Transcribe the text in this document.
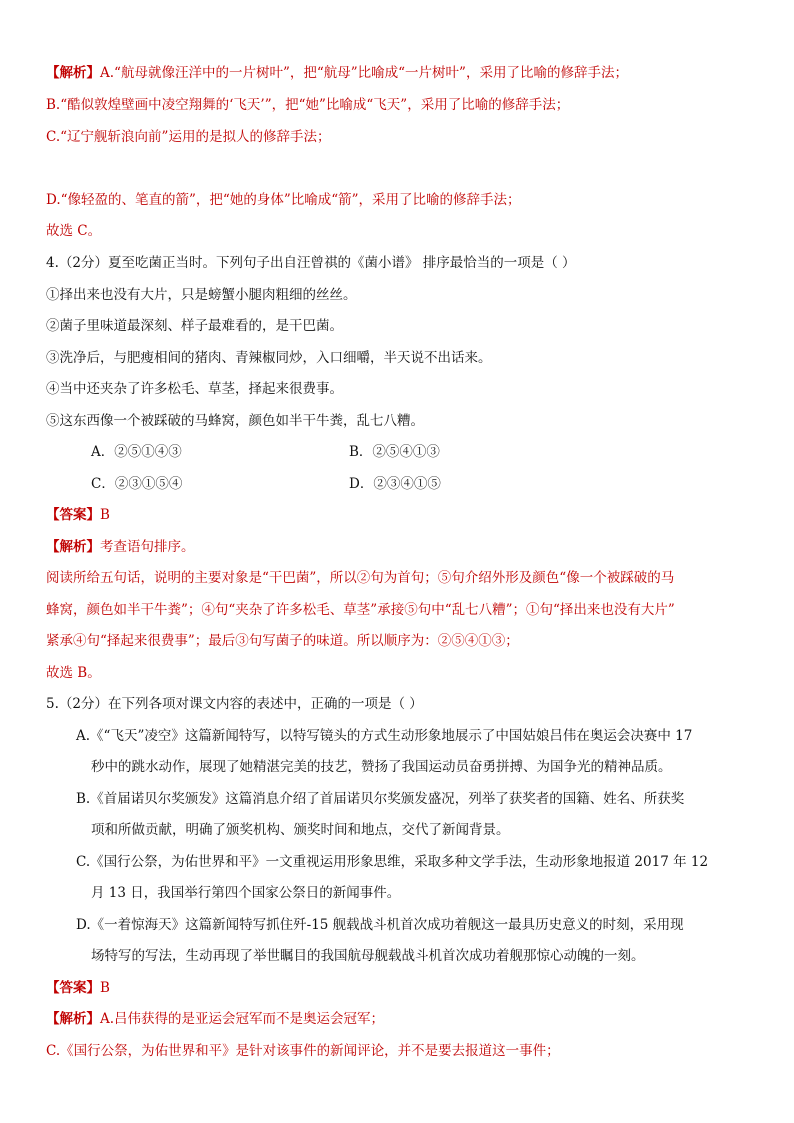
【解析】A.“航母就像汪洋中的一片树叶”，把“航母”比喻成“一片树叶”，采用了比喻的修辞手法；
B.“酷似敦煌壁画中凌空翔舞的‘飞天’”，把“她”比喻成“飞天”，采用了比喻的修辞手法；
C.“辽宁舰斩浪向前”运用的是拟人的修辞手法；
D.“像轻盈的、笔直的箭”，把“她的身体”比喻成“箭”，采用了比喻的修辞手法；
故选 C。
4.（2分）夏至吃菌正当时。下列句子出自汪曾祺的《菌小谱》 排序最恰当的一项是（ ）
①择出来也没有大片，只是螃蟹小腿肉粗细的丝丝。
②菌子里味道最深刻、样子最难看的，是干巴菌。
③洗净后，与肥瘦相间的猪肉、青辣椒同炒，入口细嚼，半天说不出话来。
④当中还夹杂了许多松毛、草茎，择起来很费事。
⑤这东西像一个被踩破的马蜂窝，颜色如半干牛粪，乱七八糟。
A．②⑤①④③	B．②⑤④①③
C．②③①⑤④	D．②③④①⑤
【答案】B
【解析】考查语句排序。
阅读所给五句话，说明的主要对象是“干巴菌”，所以②句为首句；⑤句介绍外形及颜色“像一个被踩破的马
蜂窝，颜色如半干牛粪”；④句“夹杂了许多松毛、草茎”承接⑤句中“乱七八糟”；①句“择出来也没有大片”
紧承④句“择起来很费事”；最后③句写菌子的味道。所以顺序为：②⑤④①③；
故选 B。
5.（2分）在下列各项对课文内容的表述中，正确的一项是（ ）
A.《“飞天”凌空》这篇新闻特写，以特写镜头的方式生动形象地展示了中国姑娘吕伟在奥运会决赛中 17
秒中的跳水动作，展现了她精湛完美的技艺，赞扬了我国运动员奋勇拼搏、为国争光的精神品质。
B.《首届诺贝尔奖颁发》这篇消息介绍了首届诺贝尔奖颁发盛况，列举了获奖者的国籍、姓名、所获奖
项和所做贡献，明确了颁奖机构、颁奖时间和地点，交代了新闻背景。
C.《国行公祭，为佑世界和平》一文重视运用形象思维，采取多种文学手法，生动形象地报道 2017 年 12
月 13 日，我国举行第四个国家公祭日的新闻事件。
D.《一着惊海天》这篇新闻特写抓住歼-15 舰载战斗机首次成功着舰这一最具历史意义的时刻，采用现
场特写的写法，生动再现了举世瞩目的我国航母舰载战斗机首次成功着舰那惊心动魄的一刻。
【答案】B
【解析】A.吕伟获得的是亚运会冠军而不是奥运会冠军；
C.《国行公祭，为佑世界和平》是针对该事件的新闻评论，并不是要去报道这一事件；
